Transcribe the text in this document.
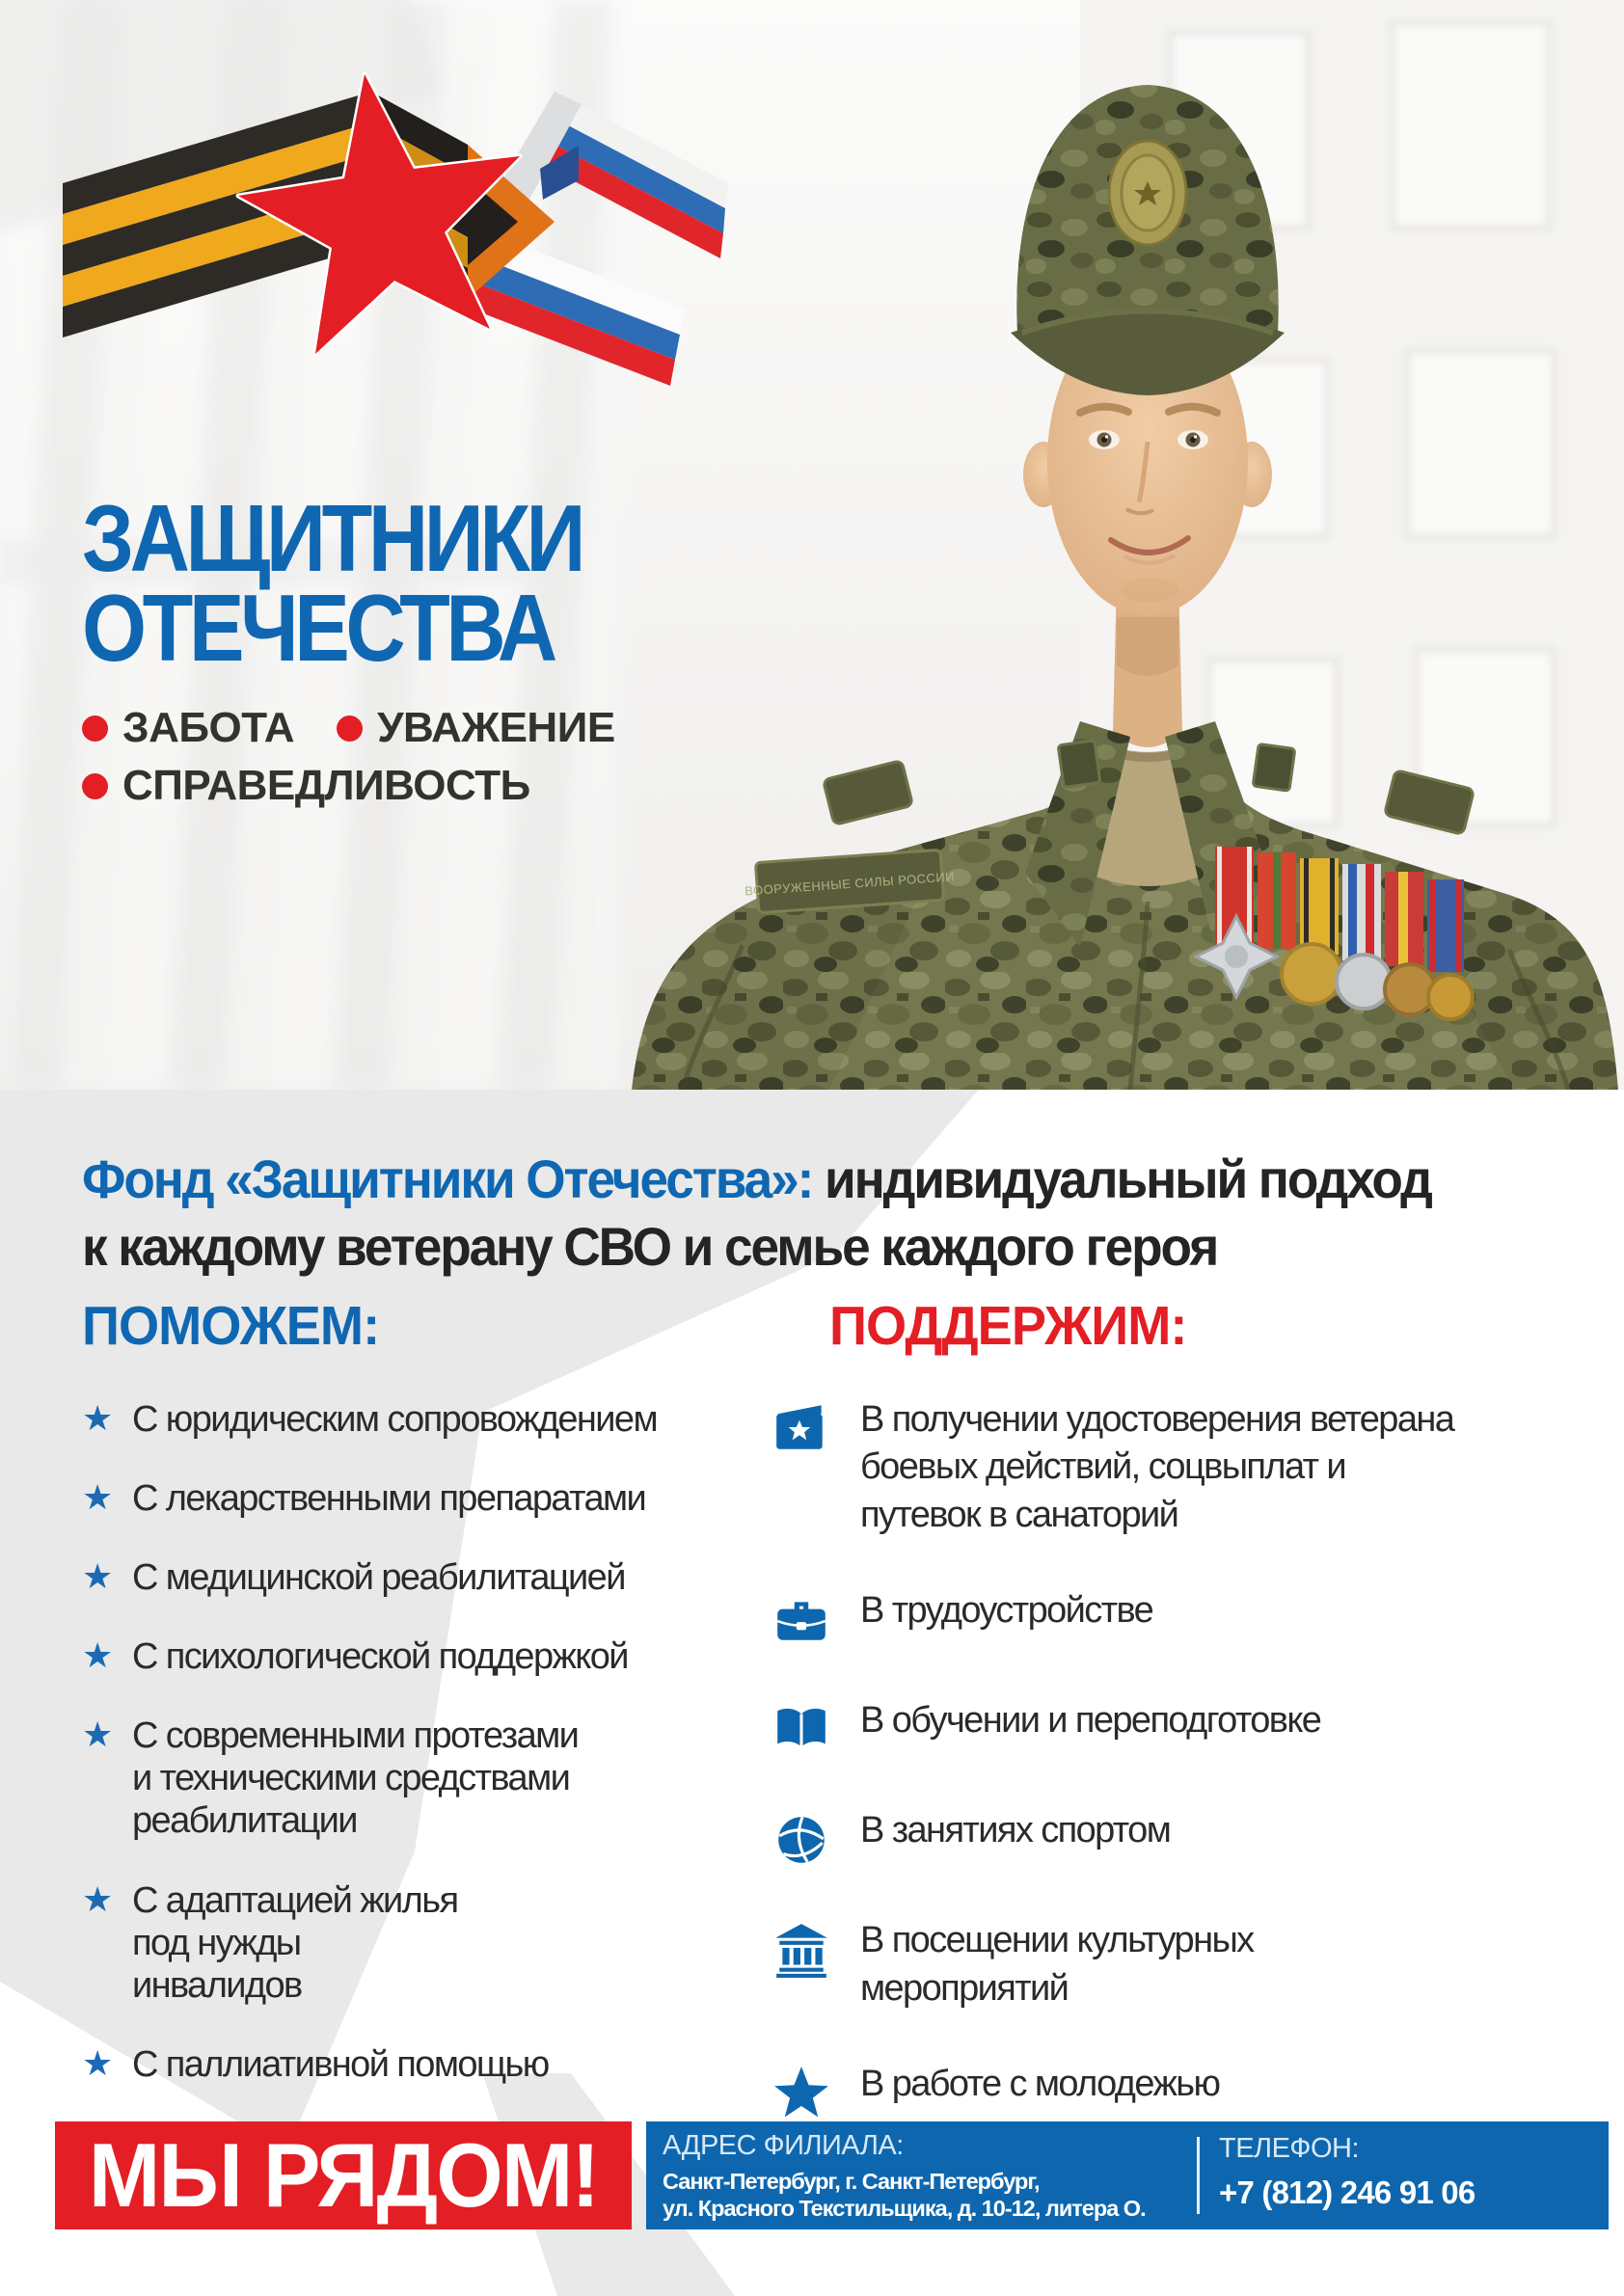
ВООРУЖЕННЫЕ СИЛЫ РОССИИ
ЗАЩИТНИКИ
ОТЕЧЕСТВА
ЗАБОТА УВАЖЕНИЕ
СПРАВЕДЛИВОСТЬ
Фонд «Защитники Отечества»: индивидуальный подход
к каждому ветерану СВО и семье каждого героя
ПОМОЖЕМ:
★ С юридическим сопровождением
★ С лекарственными препаратами
★ С медицинской реабилитацией
★ С психологической поддержкой
★ С современными протезами и техническими средствами реабилитации
★ С адаптацией жилья под нужды инвалидов
★ С паллиативной помощью
ПОДДЕРЖИМ:
В получении удостоверения ветерана боевых действий, соцвыплат и путевок в санаторий
В трудоустройстве
В обучении и переподготовке
В занятиях спортом
В посещении культурных мероприятий
В работе с молодежью
МЫ РЯДОМ! АДРЕС ФИЛИАЛА:
Санкт-Петербург, г. Санкт-Петербург,
ул. Красного Текстильщика, д. 10-12, литера О.
ТЕЛЕФОН:
+7 (812) 246 91 06
